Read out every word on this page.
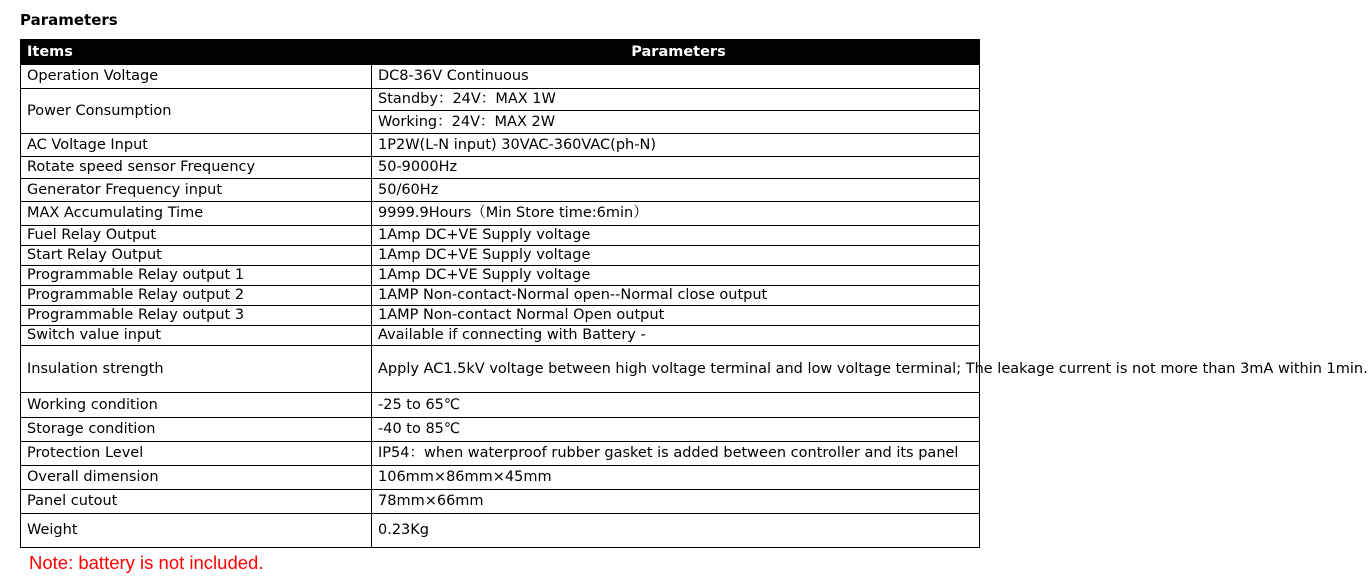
Parameters
Items	Parameters
Operation Voltage	DC8-36V Continuous
Power Consumption	Standby：24V：MAX 1W
	Working：24V：MAX 2W
AC Voltage Input	1P2W(L-N input) 30VAC-360VAC(ph-N)
Rotate speed sensor Frequency	50-9000Hz
Generator Frequency input	50/60Hz
MAX Accumulating Time	9999.9Hours（Min Store time:6min）
Fuel Relay Output	1Amp DC+VE Supply voltage
Start Relay Output	1Amp DC+VE Supply voltage
Programmable Relay output 1	1Amp DC+VE Supply voltage
Programmable Relay output 2	1AMP Non-contact-Normal open--Normal close output
Programmable Relay output 3	1AMP Non-contact Normal Open output
Switch value input	Available if connecting with Battery -
Insulation strength	Apply AC1.5kV voltage between high voltage terminal and low voltage terminal; The leakage current is not more than 3mA within 1min.
Working condition	-25 to 65℃
Storage condition	-40 to 85℃
Protection Level	IP54：when waterproof rubber gasket is added between controller and its panel
Overall dimension	106mm×86mm×45mm
Panel cutout	78mm×66mm
Weight	0.23Kg
Note: battery is not included.
